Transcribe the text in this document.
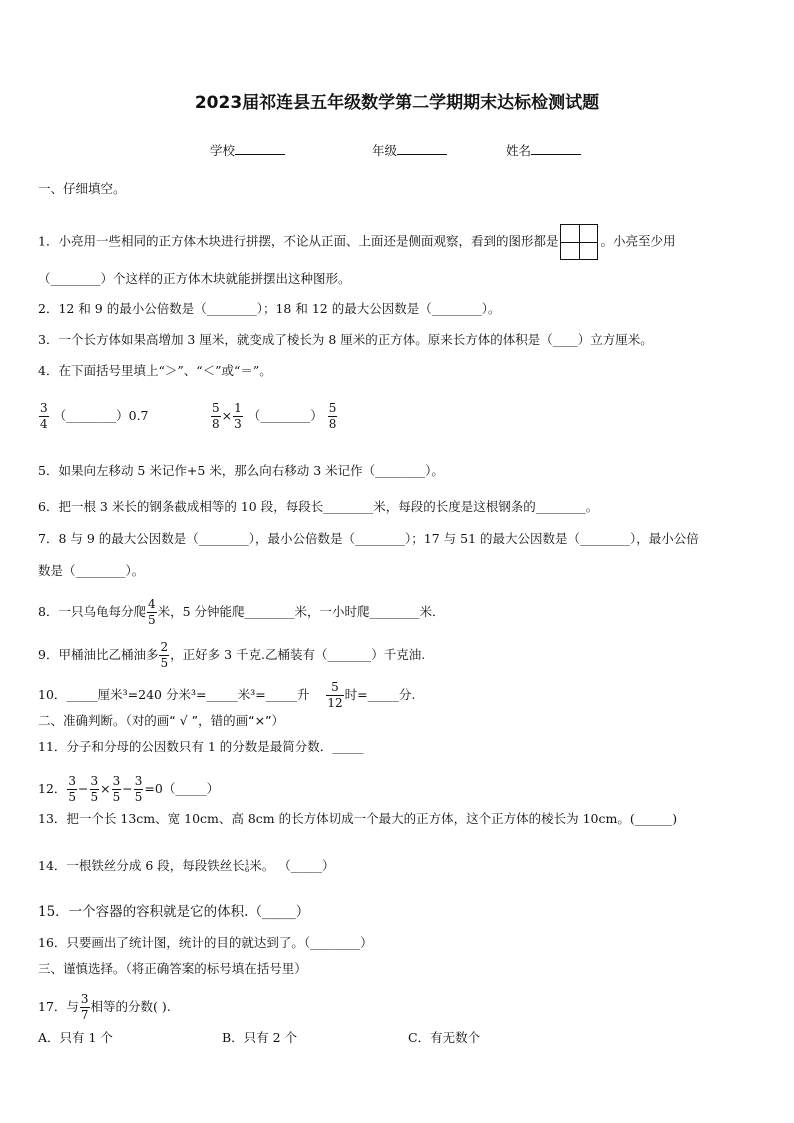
2023届祁连县五年级数学第二学期期末达标检测试题
学校	年级	姓名
一、仔细填空。
1．小亮用一些相同的正方体木块进行拼摆，不论从正面、上面还是侧面观察，看到的图形都是	。小亮至少用
（________）个这样的正方体木块就能拼摆出这种图形。
2．12 和 9 的最小公倍数是（________）；18 和 12 的最大公因数是（________）。
3．一个长方体如果高增加 3 厘米，就变成了棱长为 8 厘米的正方体。原来长方体的体积是（____）立方厘米。
4．在下面括号里填上“＞”、“＜”或“＝”。
$\frac{3}{4}$ （________）0.7	$\frac{5}{8} \times \frac{1}{3}$ （________） $\frac{5}{8}$
5．如果向左移动 5 米记作+5 米，那么向右移动 3 米记作（________）。
6．把一根 3 米长的钢条截成相等的 10 段，每段长________米，每段的长度是这根钢条的________。
7．8 与 9 的最大公因数是（________），最小公倍数是（________）；17 与 51 的最大公因数是（________），最小公倍
数是（________）。
8．一只乌龟每分爬 $\frac{4}{5}$ 米，5 分钟能爬________米，一小时爬________米．
9．甲桶油比乙桶油多 $\frac{2}{5}$ ，正好多 3 千克.乙桶装有（_______）千克油.
10．_____厘米³=240 分米³=_____米³=_____升 $\frac{5}{12}$ 时=_____分.
二、准确判断。（对的画“ √ ”，错的画“×”）
11．分子和分母的公因数只有 1 的分数是最简分数．_____
12． $\frac{3}{5} - \frac{3}{5} \times \frac{3}{5} - \frac{3}{5}$ =0（_____）
13．把一个长 13cm、宽 10cm、高 8cm 的长方体切成一个最大的正方体，这个正方体的棱长为 10cm。(______)
14．一根铁丝分成 6 段，每段铁丝长 1
6 米。 （_____）
15．一个容器的容积就是它的体积.（_____）
16．只要画出了统计图，统计的目的就达到了。（________）
三、谨慎选择。（将正确答案的标号填在括号里）
17．与 $\frac{3}{7}$ 相等的分数( ).
A．只有 1 个	B．只有 2 个	C．有无数个
